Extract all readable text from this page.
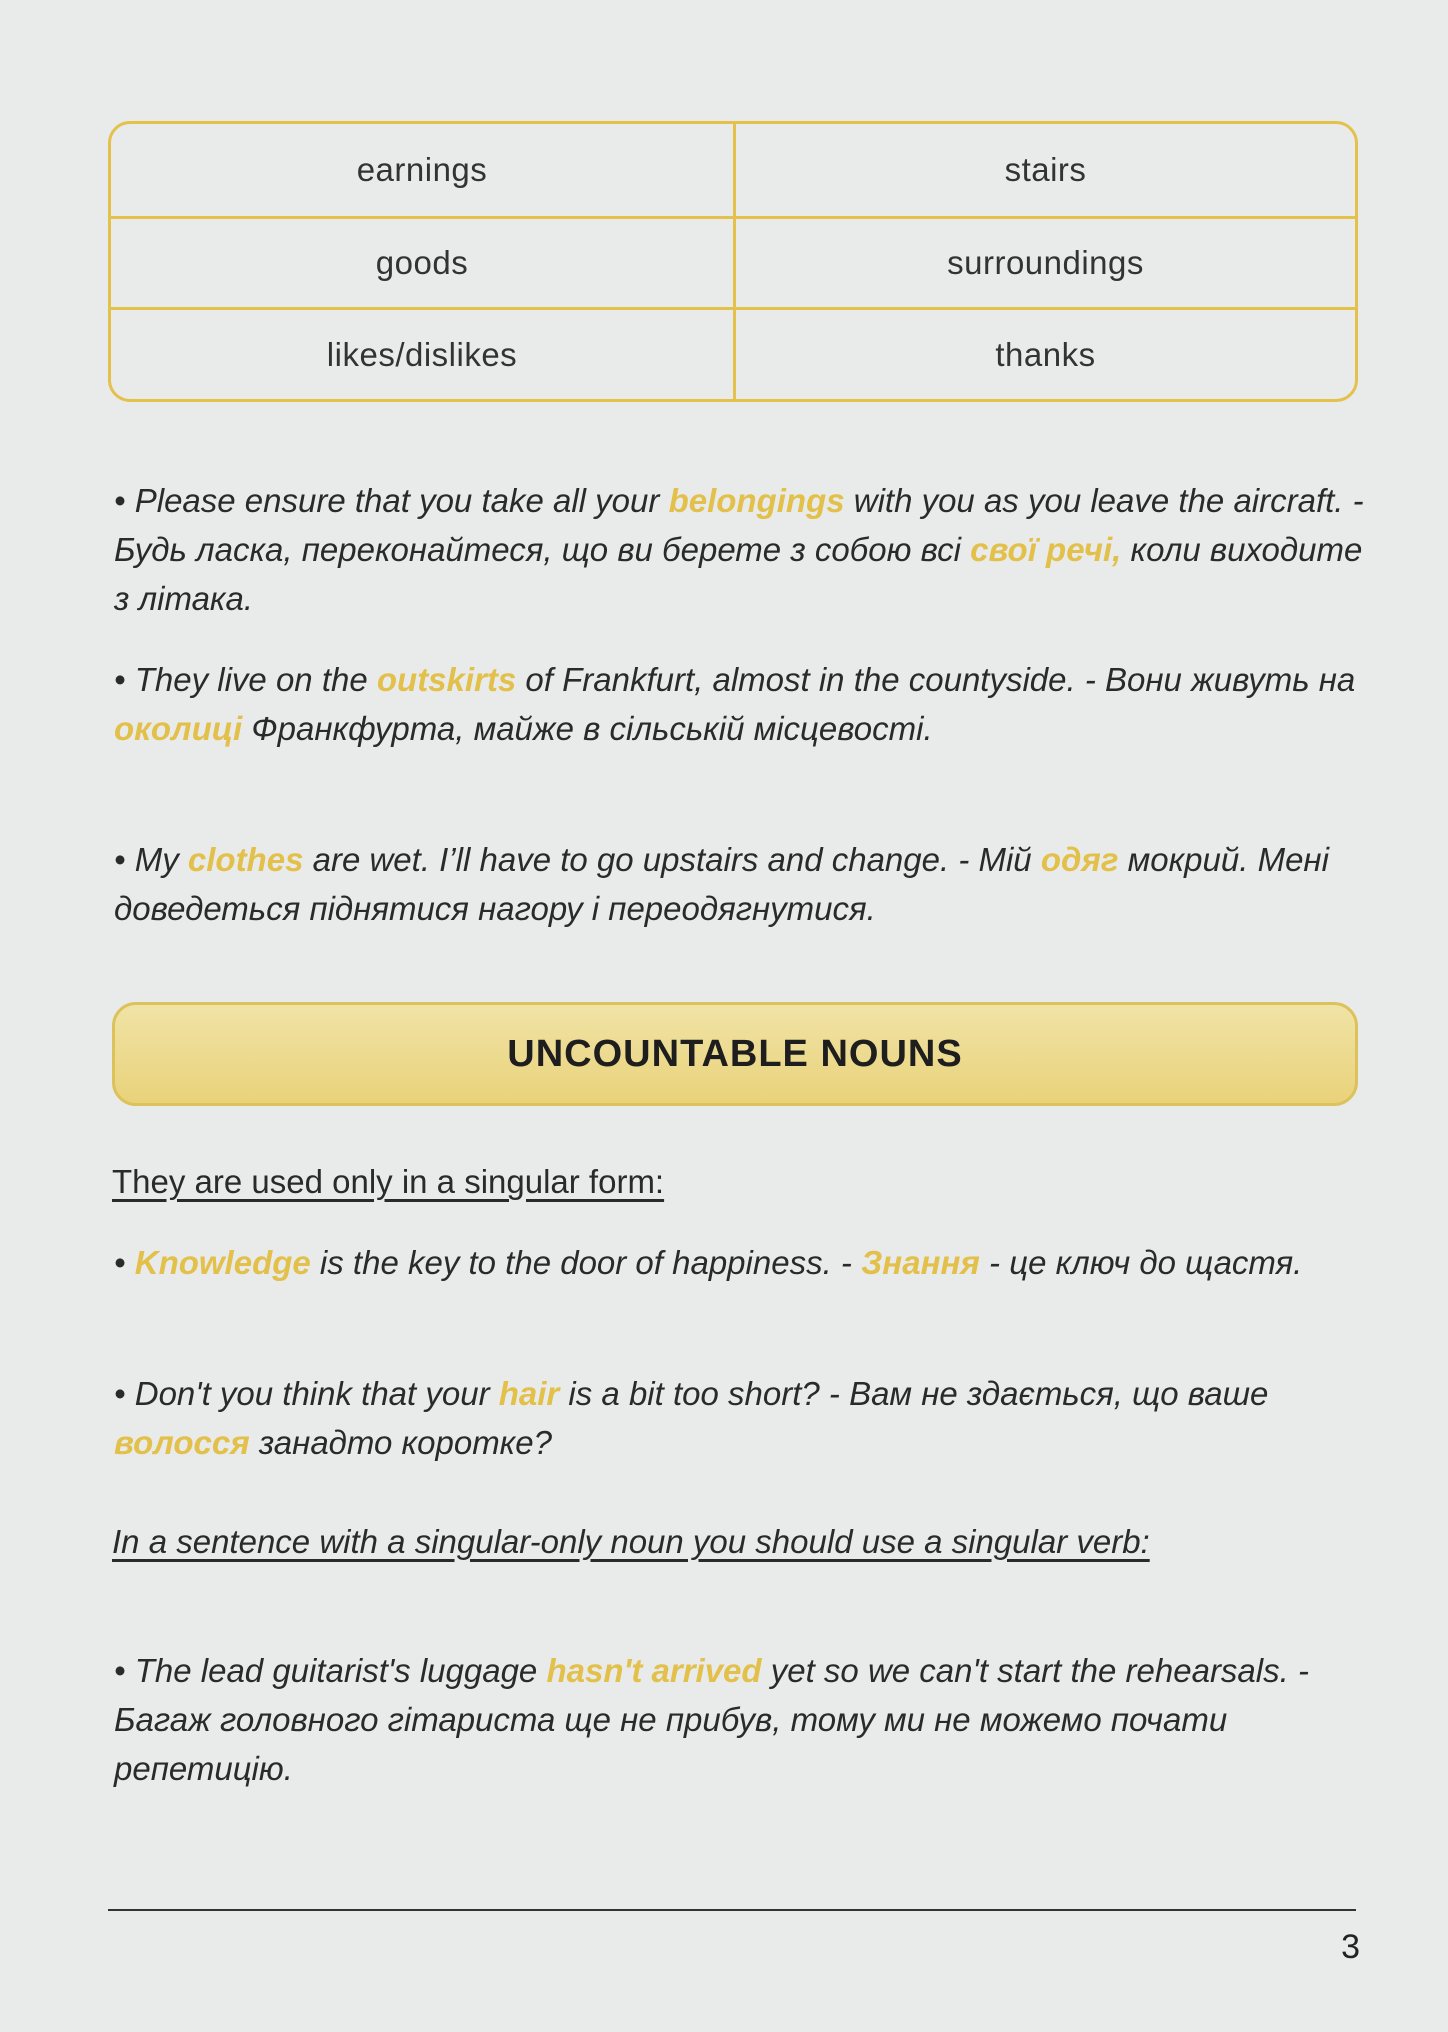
earnings	stairs
goods	surroundings
likes/dislikes	thanks

• Please ensure that you take all your belongings with you as you leave the aircraft. - Будь ласка, переконайтеся, що ви берете з собою всі свої речі, коли виходите з літака.

• They live on the outskirts of Frankfurt, almost in the countyside. - Вони живуть на околиці Франкфурта, майже в сільській місцевості.

• My clothes are wet. I’ll have to go upstairs and change. - Мій одяг мокрий. Мені доведеться піднятися нагору і переодягнутися.

UNCOUNTABLE NOUNS

They are used only in a singular form:

• Knowledge is the key to the door of happiness. - Знання - це ключ до щастя.

• Don't you think that your hair is a bit too short? - Вам не здається, що ваше волосся занадто коротке?

In a sentence with a singular-only noun you should use a singular verb:

• The lead guitarist's luggage hasn't arrived yet so we can't start the rehearsals. - Багаж головного гітариста ще не прибув, тому ми не можемо почати репетицію.

3
